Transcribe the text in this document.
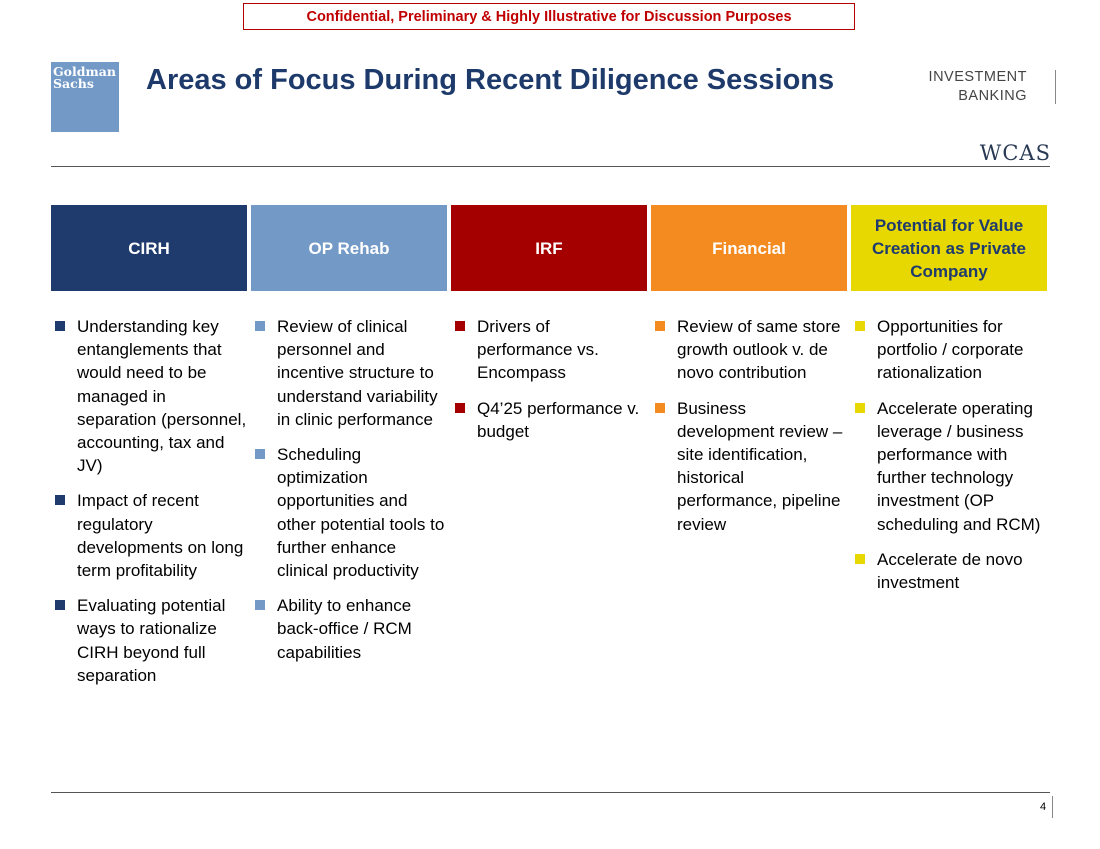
Confidential, Preliminary & Highly Illustrative for Discussion Purposes
Goldman
Sachs	Areas of Focus During Recent Diligence Sessions	INVESTMENT
BANKING
WCAS
CIRH
Understanding key entanglements that would need to be managed in separation (personnel, accounting, tax and JV)
Impact of recent regulatory developments on long term profitability
Evaluating potential ways to rationalize CIRH beyond full separation
OP Rehab
Review of clinical personnel and incentive structure to understand variability in clinic performance
Scheduling optimization opportunities and other potential tools to further enhance clinical productivity
Ability to enhance back-office / RCM capabilities
IRF
Drivers of performance vs. Encompass
Q4’25 performance v. budget
Financial
Review of same store growth outlook v. de novo contribution
Business development review – site identification, historical performance, pipeline review
Potential for Value Creation as Private Company
Opportunities for portfolio / corporate rationalization
Accelerate operating leverage / business performance with further technology investment (OP scheduling and RCM)
Accelerate de novo investment
4
